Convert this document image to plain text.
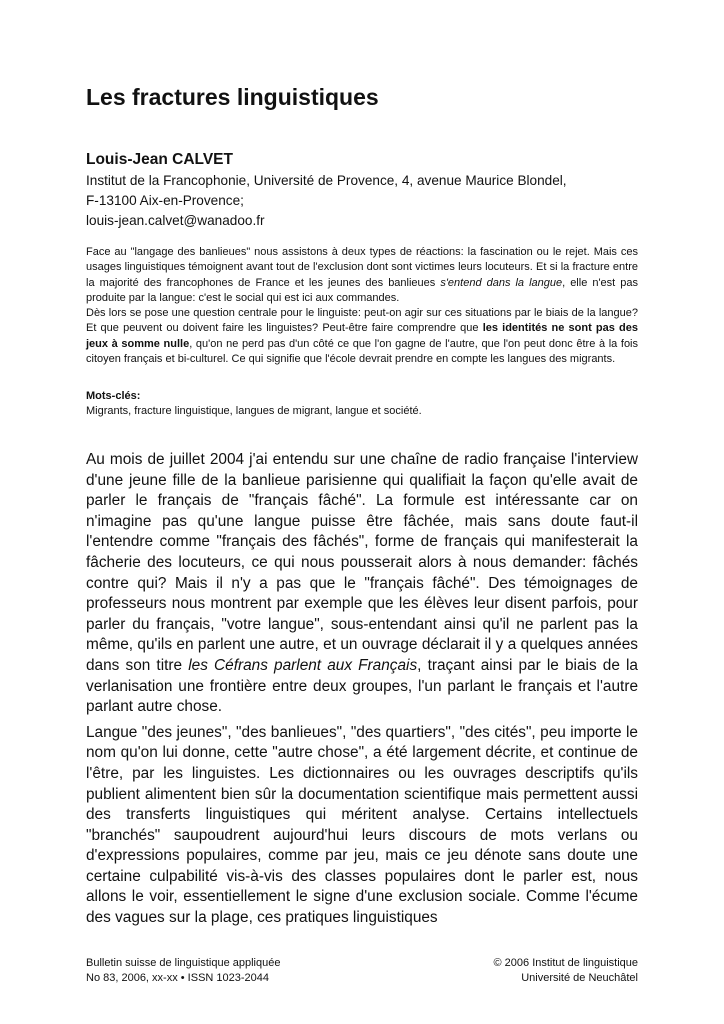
Les fractures linguistiques
Louis-Jean CALVET
Institut de la Francophonie, Université de Provence, 4, avenue Maurice Blondel,
F-13100 Aix-en-Provence;
louis-jean.calvet@wanadoo.fr

Face au "langage des banlieues" nous assistons à deux types de réactions: la fascination ou le rejet. Mais ces usages linguistiques témoignent avant tout de l'exclusion dont sont victimes leurs locuteurs. Et si la fracture entre la majorité des francophones de France et les jeunes des banlieues s'entend dans la langue, elle n'est pas produite par la langue: c'est le social qui est ici aux commandes.

Dès lors se pose une question centrale pour le linguiste: peut-on agir sur ces situations par le biais de la langue? Et que peuvent ou doivent faire les linguistes? Peut-être faire comprendre que les identités ne sont pas des jeux à somme nulle, qu'on ne perd pas d'un côté ce que l'on gagne de l'autre, que l'on peut donc être à la fois citoyen français et bi-culturel. Ce qui signifie que l'école devrait prendre en compte les langues des migrants.

Mots-clés:
Migrants, fracture linguistique, langues de migrant, langue et société.

Au mois de juillet 2004 j'ai entendu sur une chaîne de radio française l'interview d'une jeune fille de la banlieue parisienne qui qualifiait la façon qu'elle avait de parler le français de "français fâché". La formule est intéressante car on n'imagine pas qu'une langue puisse être fâchée, mais sans doute faut-il l'entendre comme "français des fâchés", forme de français qui manifesterait la fâcherie des locuteurs, ce qui nous pousserait alors à nous demander: fâchés contre qui? Mais il n'y a pas que le "français fâché". Des témoignages de professeurs nous montrent par exemple que les élèves leur disent parfois, pour parler du français, "votre langue", sous-entendant ainsi qu'il ne parlent pas la même, qu'ils en parlent une autre, et un ouvrage déclarait il y a quelques années dans son titre les Céfrans parlent aux Français, traçant ainsi par le biais de la verlanisation une frontière entre deux groupes, l'un parlant le français et l'autre parlant autre chose.

Langue "des jeunes", "des banlieues", "des quartiers", "des cités", peu importe le nom qu'on lui donne, cette "autre chose", a été largement décrite, et continue de l'être, par les linguistes. Les dictionnaires ou les ouvrages descriptifs qu'ils publient alimentent bien sûr la documentation scientifique mais permettent aussi des transferts linguistiques qui méritent analyse. Certains intellectuels "branchés" saupoudrent aujourd'hui leurs discours de mots verlans ou d'expressions populaires, comme par jeu, mais ce jeu dénote sans doute une certaine culpabilité vis-à-vis des classes populaires dont le parler est, nous allons le voir, essentiellement le signe d'une exclusion sociale. Comme l'écume des vagues sur la plage, ces pratiques linguistiques

Bulletin suisse de linguistique appliquée
No 83, 2006, xx-xx • ISSN 1023-2044
© 2006 Institut de linguistique
Université de Neuchâtel
